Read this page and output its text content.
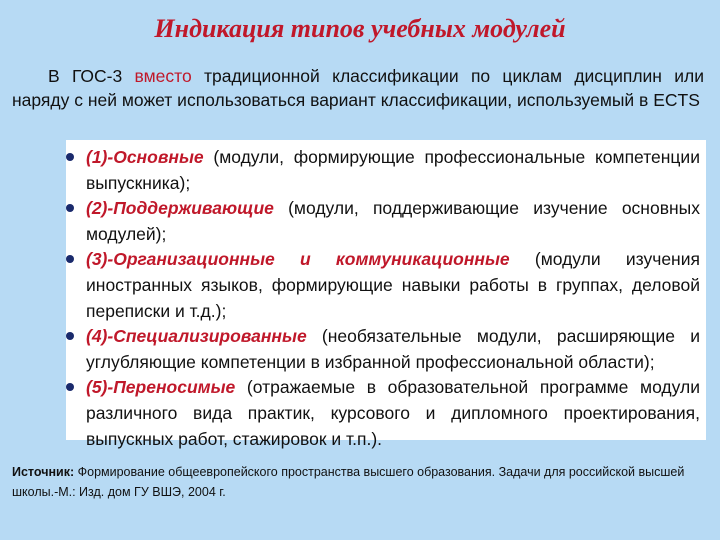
Индикация типов учебных модулей
В ГОС-3 вместо традиционной классификации по циклам дисциплин или наряду с ней может использоваться вариант классификации, используемый в ECTS
(1)-Основные (модули, формирующие профессиональные компетенции выпускника);
(2)-Поддерживающие (модули, поддерживающие изучение основных модулей);
(3)-Организационные и коммуникационные (модули изучения иностранных языков, формирующие навыки работы в группах, деловой переписки и т.д.);
(4)-Специализированные (необязательные модули, расширяющие и углубляющие компетенции в избранной профессиональной области);
(5)-Переносимые (отражаемые в образовательной программе модули различного вида практик, курсового и дипломного проектирования, выпускных работ, стажировок и т.п.).
Источник: Формирование общеевропейского пространства высшего образования. Задачи для российской высшей школы.-М.: Изд. дом ГУ ВШЭ, 2004 г.
